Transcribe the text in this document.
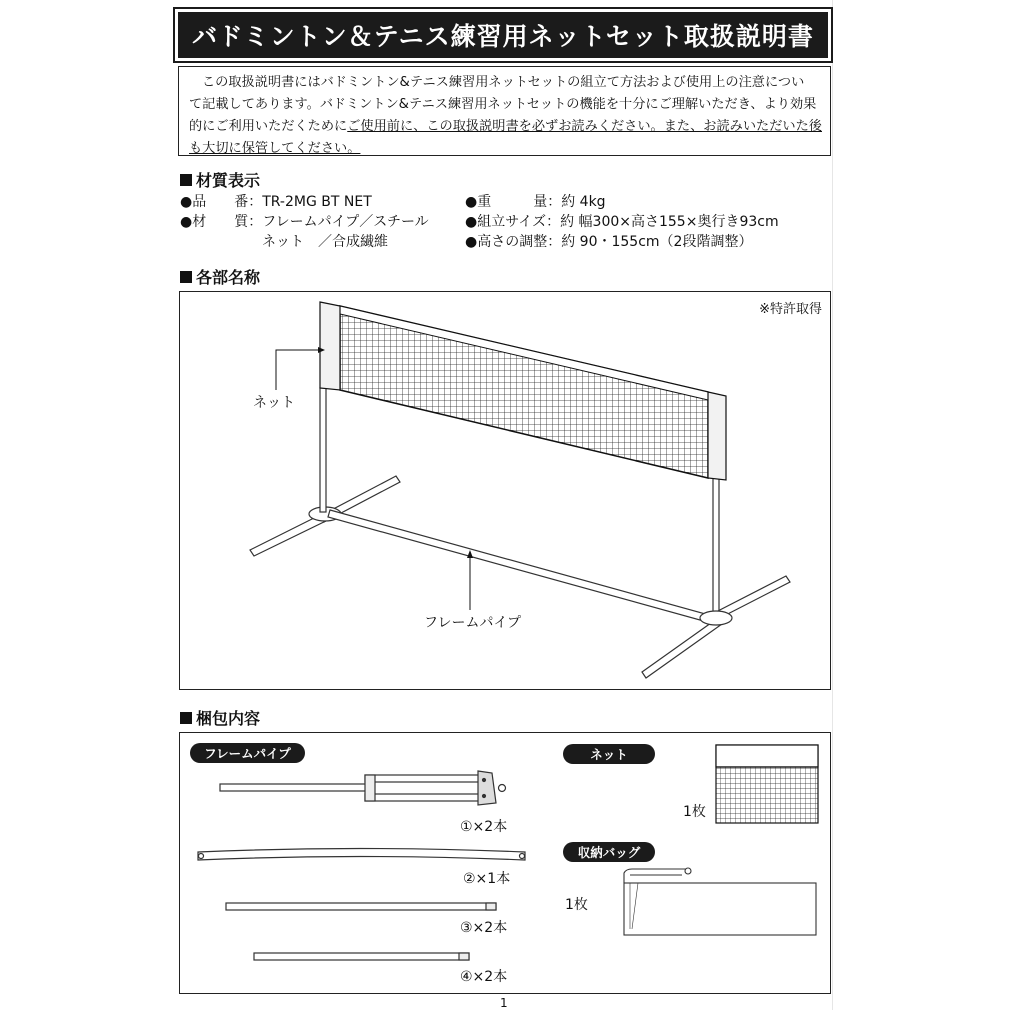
バドミントン＆テニス練習用ネットセット取扱説明書
この取扱説明書にはバドミントン&テニス練習用ネットセットの組立て方法および使用上の注意につい
て記載してあります。バドミントン&テニス練習用ネットセットの機能を十分にご理解いただき、より効果
的にご利用いただくためにご使用前に、この取扱説明書を必ずお読みください。また、お読みいただいた後
も大切に保管してください。
材質表示
●品　　番：TR-2MG BT NET
●材　　質：フレームパイプ／スチール
ネット　／合成繊維
●重　　　量：約 4kg
●組立サイズ：約 幅300×高さ155×奥行き93cm
●高さの調整：約 90・155cm（2段階調整）
各部名称
※特許取得
ネット
フレームパイプ
梱包内容
フレームパイプ	ネット
収納バッグ
①×2本
②×1本
③×2本
④×2本
1枚
1枚
1
